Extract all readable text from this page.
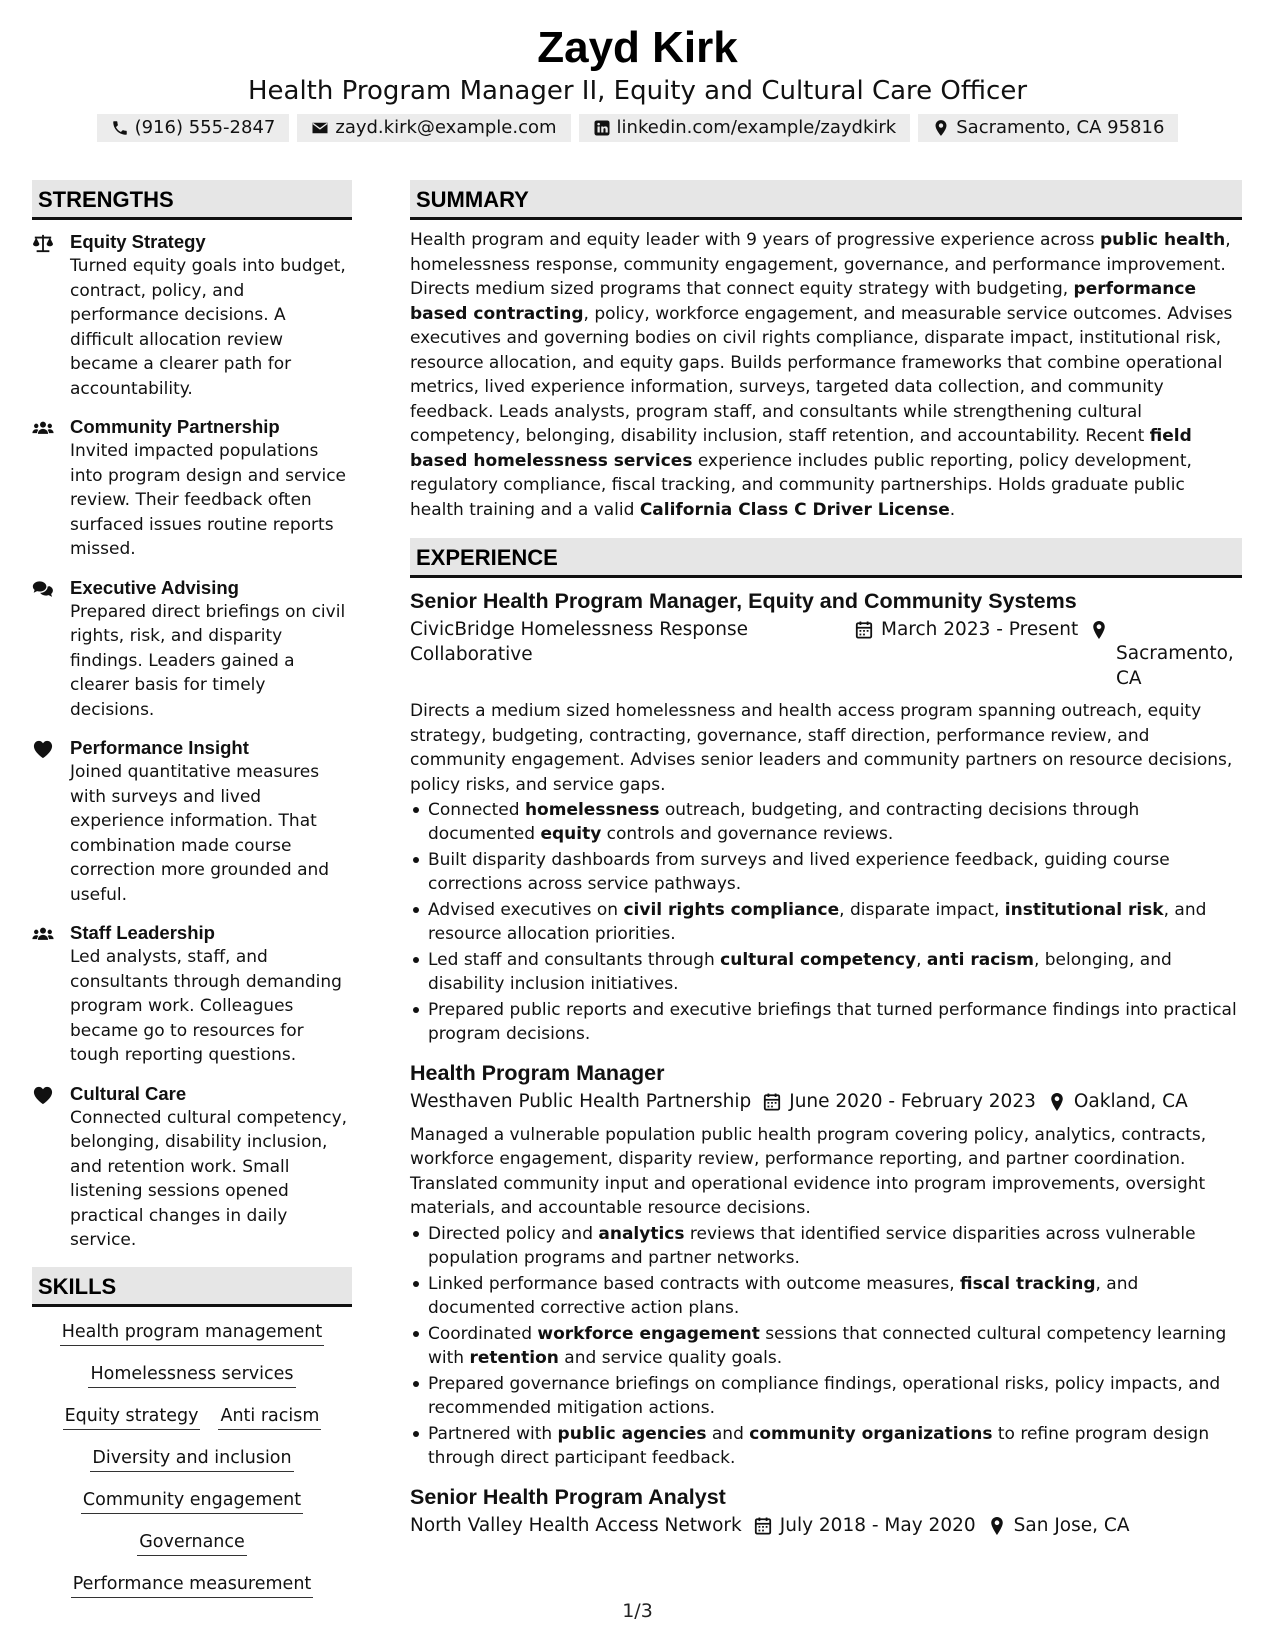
Zayd Kirk
Health Program Manager II, Equity and Cultural Care Officer
(916) 555-2847	zayd.kirk@example.com	linkedin.com/example/zaydkirk	Sacramento, CA 95816
STRENGTHS
Equity Strategy
Turned equity goals into budget, contract, policy, and performance decisions. A difficult allocation review became a clearer path for accountability.
Community Partnership
Invited impacted populations into program design and service review. Their feedback often surfaced issues routine reports missed.
Executive Advising
Prepared direct briefings on civil rights, risk, and disparity findings. Leaders gained a clearer basis for timely decisions.
Performance Insight
Joined quantitative measures with surveys and lived experience information. That combination made course correction more grounded and useful.
Staff Leadership
Led analysts, staff, and consultants through demanding program work. Colleagues became go to resources for tough reporting questions.
Cultural Care
Connected cultural competency, belonging, disability inclusion, and retention work. Small listening sessions opened practical changes in daily service.
SKILLS
Health program management
Homelessness services
Equity strategy Anti racism
Diversity and inclusion
Community engagement
Governance
Performance measurement
SUMMARY
Health program and equity leader with 9 years of progressive experience across public health, homelessness response, community engagement, governance, and performance improvement. Directs medium sized programs that connect equity strategy with budgeting, performance based contracting, policy, workforce engagement, and measurable service outcomes. Advises executives and governing bodies on civil rights compliance, disparate impact, institutional risk, resource allocation, and equity gaps. Builds performance frameworks that combine operational metrics, lived experience information, surveys, targeted data collection, and community feedback. Leads analysts, program staff, and consultants while strengthening cultural competency, belonging, disability inclusion, staff retention, and accountability. Recent field based homelessness services experience includes public reporting, policy development, regulatory compliance, fiscal tracking, and community partnerships. Holds graduate public health training and a valid California Class C Driver License.
EXPERIENCE
Senior Health Program Manager, Equity and Community Systems
CivicBridge Homelessness Response Collaborative
March 2023 - Present
Sacramento, CA
Directs a medium sized homelessness and health access program spanning outreach, equity strategy, budgeting, contracting, governance, staff direction, performance review, and community engagement. Advises senior leaders and community partners on resource decisions, policy risks, and service gaps.
Connected homelessness outreach, budgeting, and contracting decisions through documented equity controls and governance reviews.
Built disparity dashboards from surveys and lived experience feedback, guiding course corrections across service pathways.
Advised executives on civil rights compliance, disparate impact, institutional risk, and resource allocation priorities.
Led staff and consultants through cultural competency, anti racism, belonging, and disability inclusion initiatives.
Prepared public reports and executive briefings that turned performance findings into practical program decisions.
Health Program Manager
Westhaven Public Health Partnership June 2020 - February 2023 Oakland, CA
Managed a vulnerable population public health program covering policy, analytics, contracts, workforce engagement, disparity review, performance reporting, and partner coordination. Translated community input and operational evidence into program improvements, oversight materials, and accountable resource decisions.
Directed policy and analytics reviews that identified service disparities across vulnerable population programs and partner networks.
Linked performance based contracts with outcome measures, fiscal tracking, and documented corrective action plans.
Coordinated workforce engagement sessions that connected cultural competency learning with retention and service quality goals.
Prepared governance briefings on compliance findings, operational risks, policy impacts, and recommended mitigation actions.
Partnered with public agencies and community organizations to refine program design through direct participant feedback.
Senior Health Program Analyst
North Valley Health Access Network July 2018 - May 2020 San Jose, CA
1/3
